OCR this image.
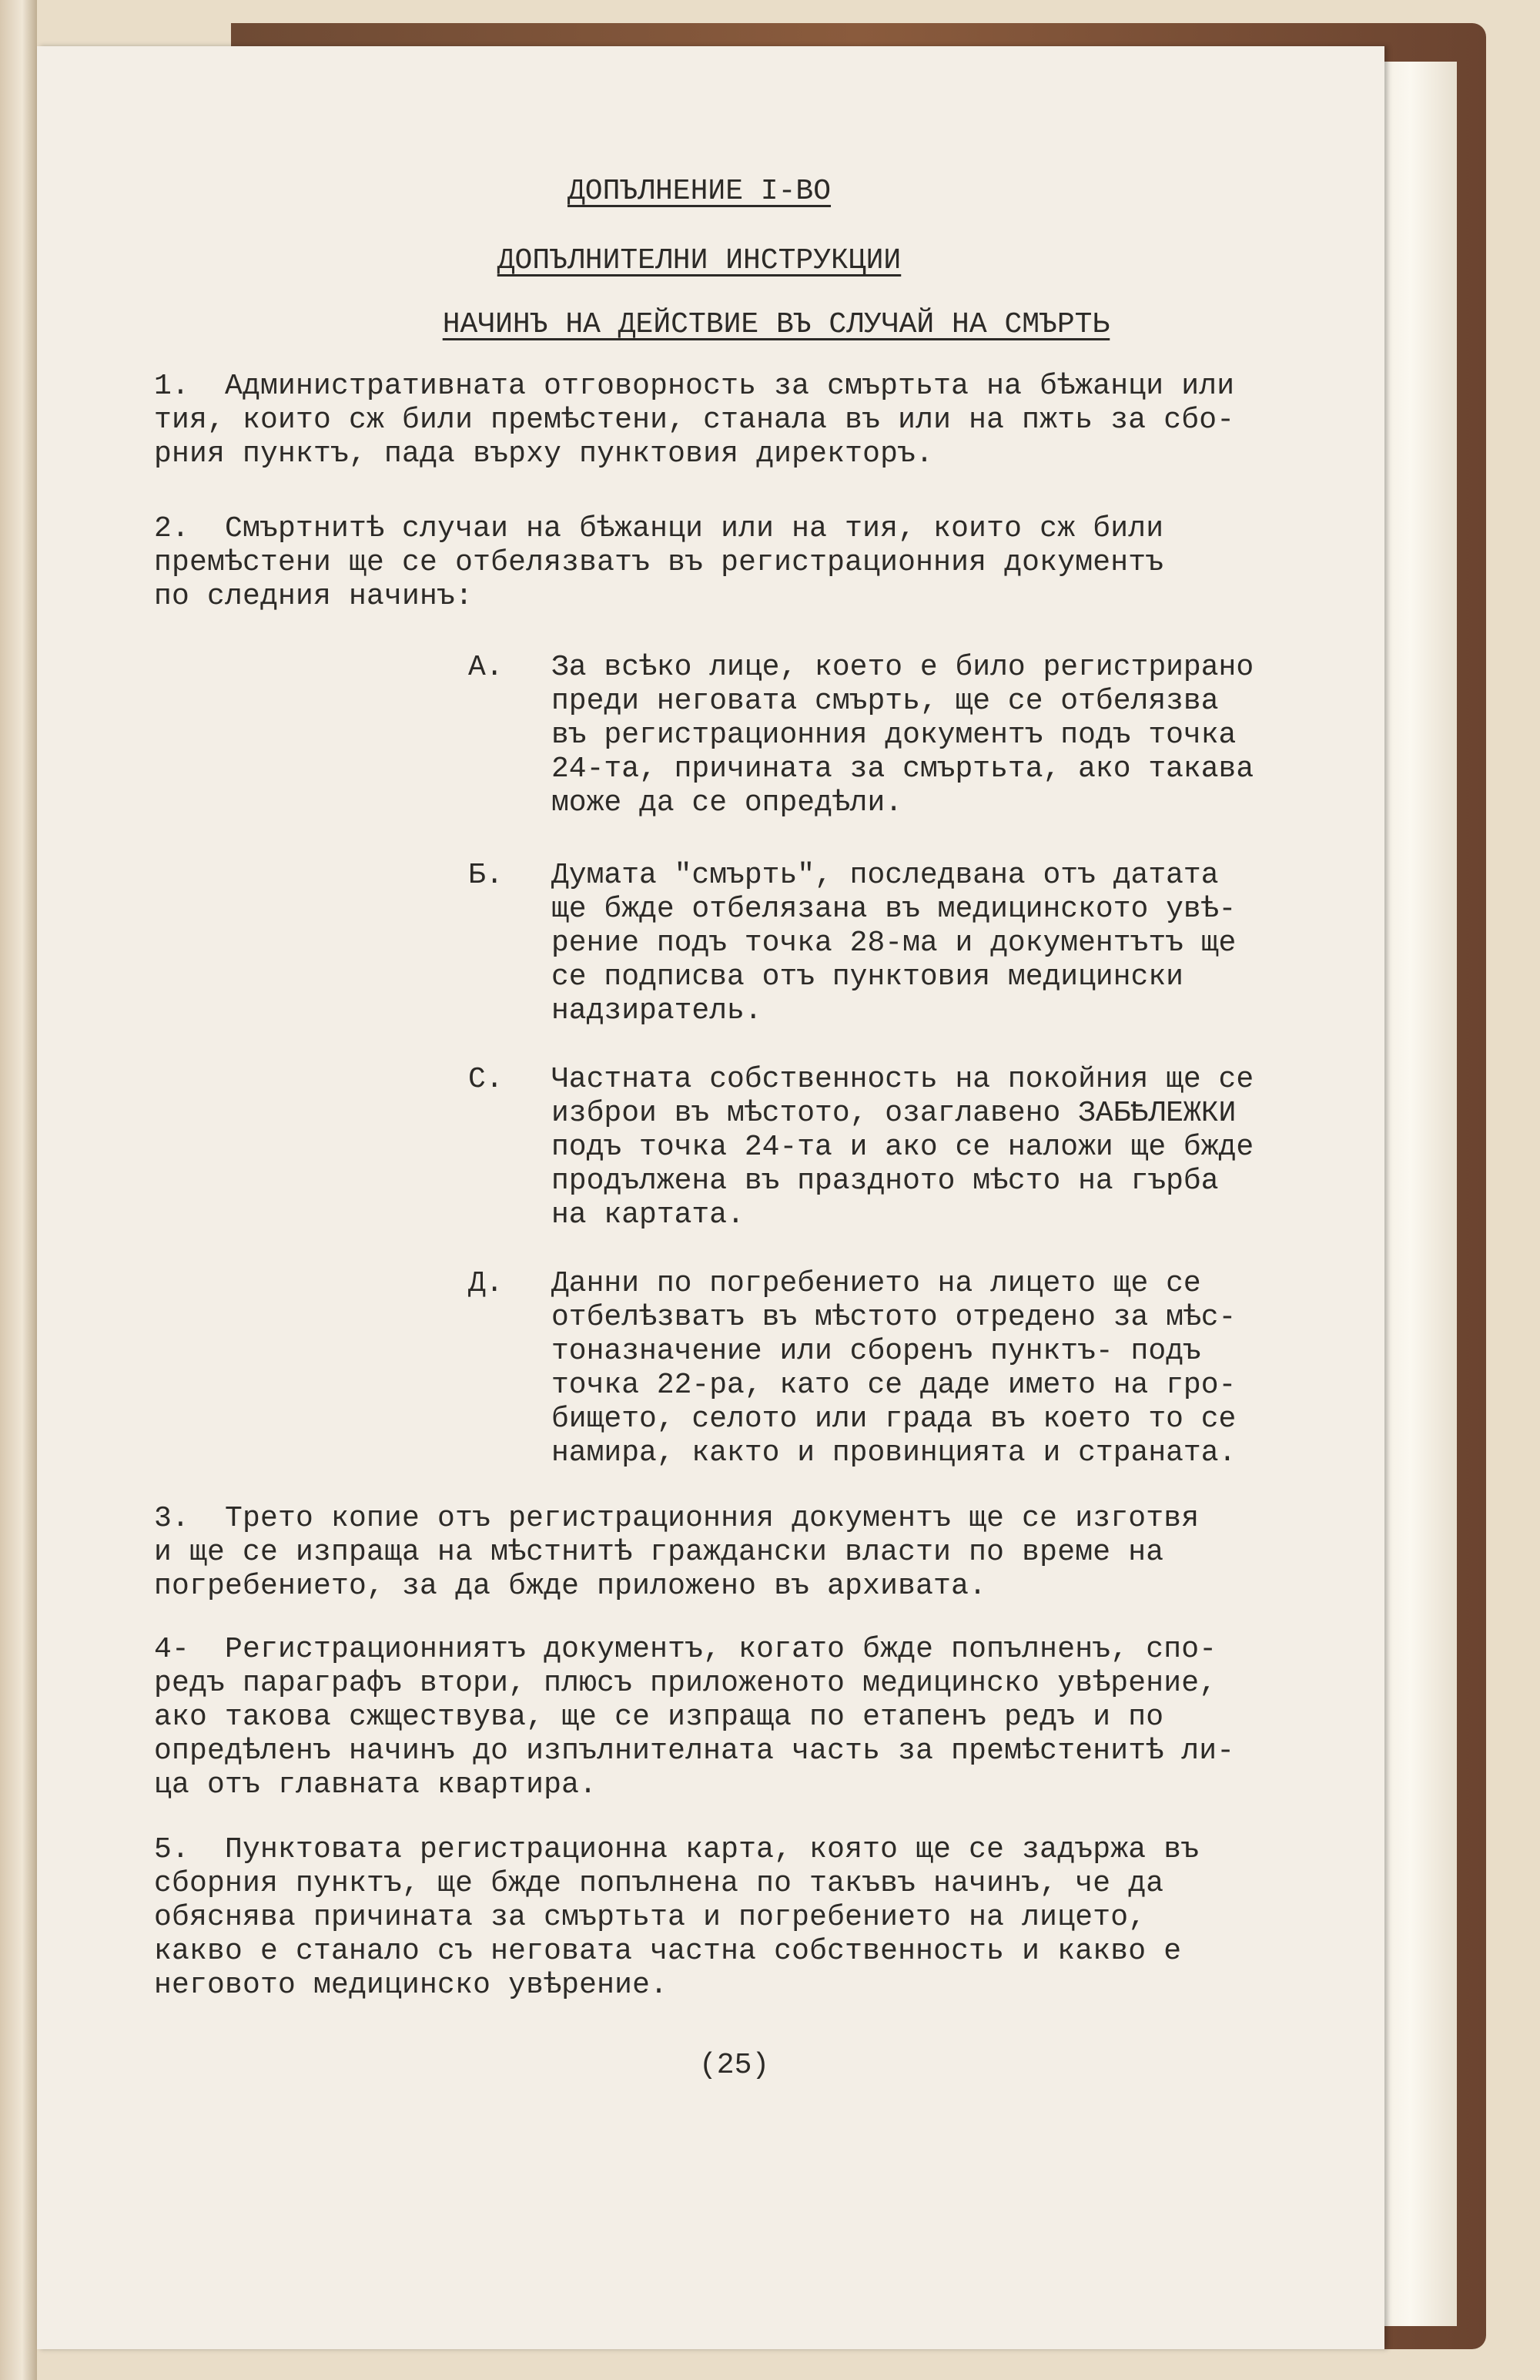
ДОПЪЛНЕНИЕ I-ВО
ДОПЪЛНИТЕЛНИ ИНСТРУКЦИИ
НАЧИНЪ НА ДЕЙСТВИЕ ВЪ СЛУЧАЙ НА СМЪРТЬ
1.  Административната отговорность за смъртьта на бѣжанци или
тия, които сж били премѣстени, станала въ или на пжть за сбо-
рния пунктъ, пада върху пунктовия директоръ.
2.  Смъртнитѣ случаи на бѣжанци или на тия, които сж били
премѣстени ще се отбелязватъ въ регистрационния документъ
по следния начинъ:
А. За всѣко лице, което е било регистрирано
преди неговата смърть, ще се отбелязва
въ регистрационния документъ подъ точка
24-та, причината за смъртьта, ако такава
може да се опредѣли.
Б. Думата "смърть", последвана отъ датата
ще бжде отбелязана въ медицинското увѣ-
рение подъ точка 28-ма и документътъ ще
се подписва отъ пунктовия медицински
надзиратель.
С. Частната собственность на покойния ще се
изброи въ мѣстото, озаглавено ЗАБѢЛЕЖКИ
подъ точка 24-та и ако се наложи ще бжде
продължена въ празднoто мѣсто на гърба
на картата.
Д. Данни по погребението на лицето ще се
отбелѣзватъ въ мѣстото отредено за мѣс-
тоназначение или сборенъ пунктъ- подъ
точка 22-ра, като се даде името на гро-
бището, селото или града въ което то се
намира, както и провинцията и страната.
3.  Трето копие отъ регистрационния документъ ще се изготвя
и ще се изпраща на мѣстнитѣ граждански власти по време на
погребението, за да бжде приложено въ архивата.
4-  Регистрационниятъ документъ, когато бжде попълненъ, спо-
редъ параграфъ втори, плюсъ приложеното медицинско увѣрение,
ако такова сжществува, ще се изпраща по етапенъ редъ и по
опредѣленъ начинъ до изпълнителната часть за премѣстенитѣ ли-
ца отъ главната квартира.
5.  Пунктовата регистрационна карта, която ще се задържа въ
сборния пунктъ, ще бжде попълнена по такъвъ начинъ, че да
обяснява причината за смъртьта и погребението на лицето,
какво е станало съ неговата частна собственность и какво е
неговото медицинско увѣрение.
(25)
